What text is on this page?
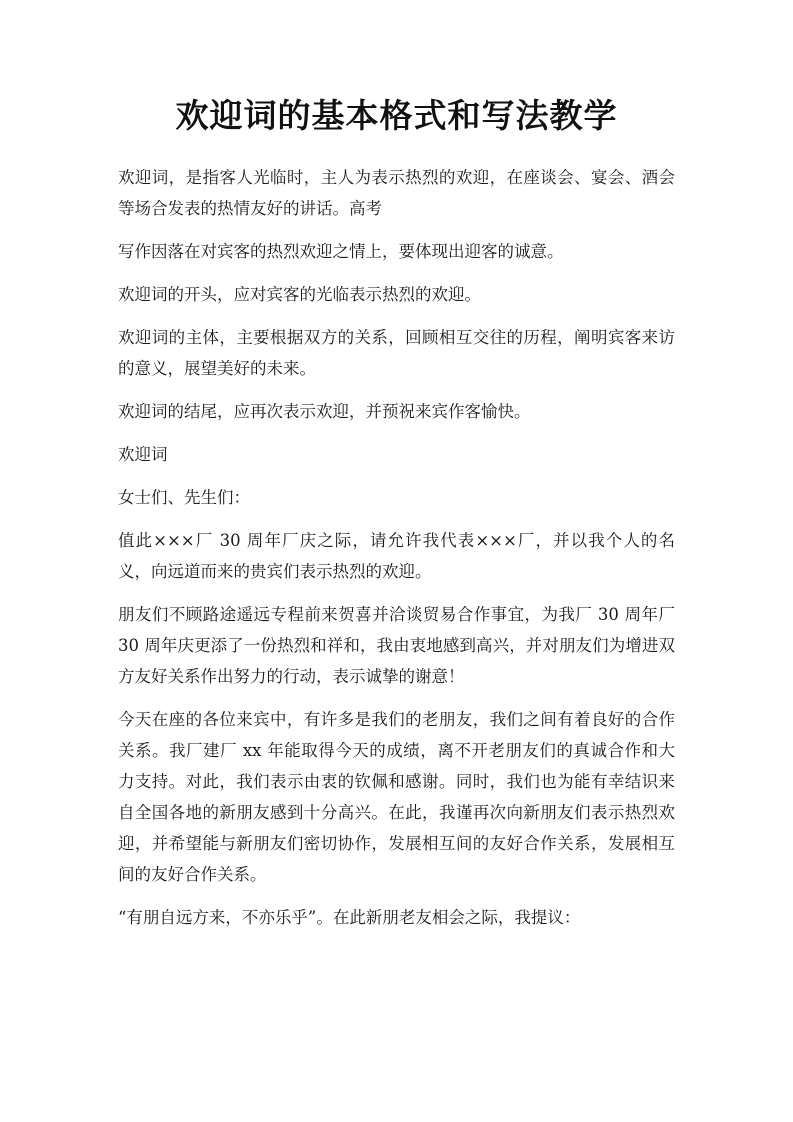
欢迎词的基本格式和写法教学

欢迎词，是指客人光临时，主人为表示热烈的欢迎，在座谈会、宴会、酒会等场合发表的热情友好的讲话。高考

写作因落在对宾客的热烈欢迎之情上，要体现出迎客的诚意。

欢迎词的开头，应对宾客的光临表示热烈的欢迎。

欢迎词的主体，主要根据双方的关系，回顾相互交往的历程，阐明宾客来访的意义，展望美好的未来。

欢迎词的结尾，应再次表示欢迎，并预祝来宾作客愉快。

欢迎词

女士们、先生们：

值此×××厂 30 周年厂庆之际，请允许我代表×××厂，并以我个人的名义，向远道而来的贵宾们表示热烈的欢迎。

朋友们不顾路途遥远专程前来贺喜并洽谈贸易合作事宜，为我厂 30 周年厂 30 周年庆更添了一份热烈和祥和，我由衷地感到高兴，并对朋友们为增进双方友好关系作出努力的行动，表示诚挚的谢意！

今天在座的各位来宾中，有许多是我们的老朋友，我们之间有着良好的合作关系。我厂建厂 xx 年能取得今天的成绩，离不开老朋友们的真诚合作和大力支持。对此，我们表示由衷的钦佩和感谢。同时，我们也为能有幸结识来自全国各地的新朋友感到十分高兴。在此，我谨再次向新朋友们表示热烈欢迎，并希望能与新朋友们密切协作，发展相互间的友好合作关系，发展相互间的友好合作关系。

“有朋自远方来，不亦乐乎”。在此新朋老友相会之际，我提议：
